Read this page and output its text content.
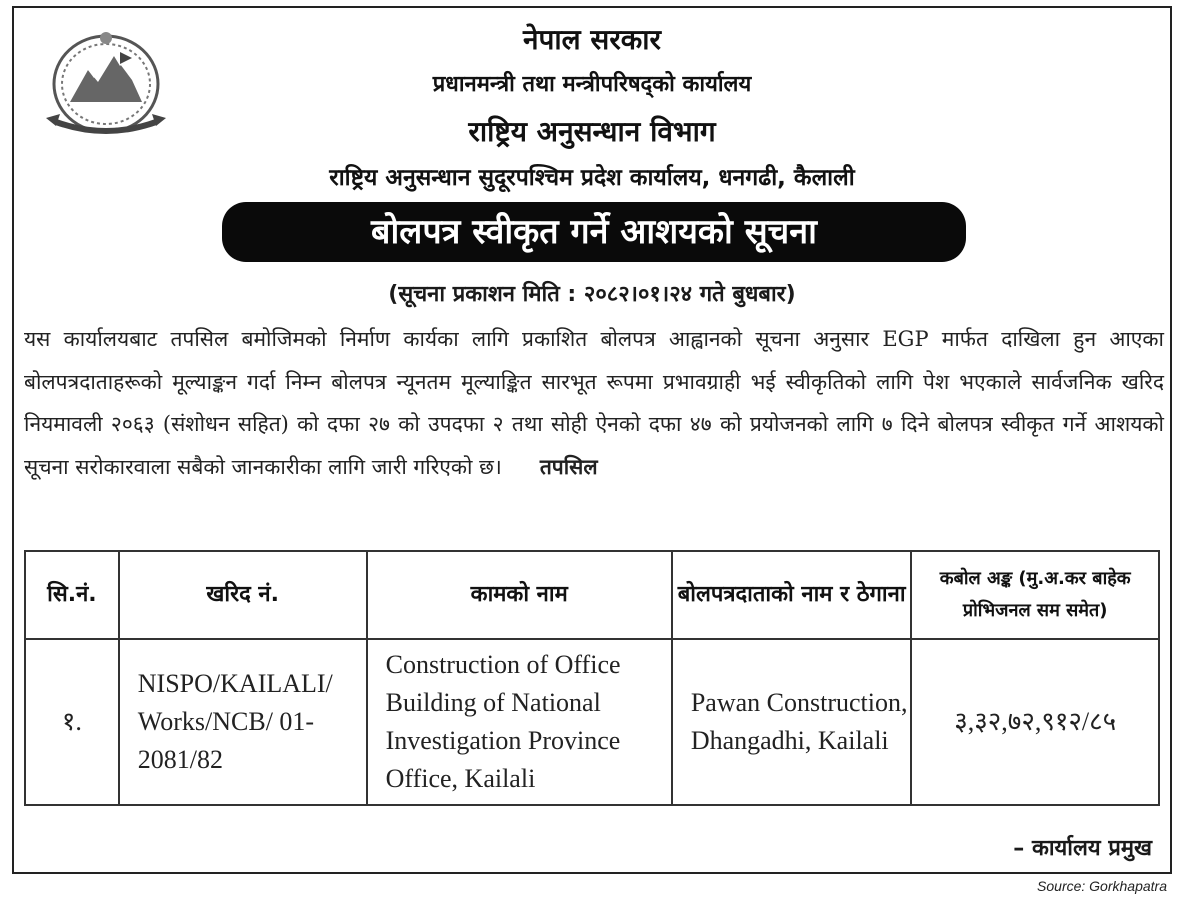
नेपाल सरकार
प्रधानमन्त्री तथा मन्त्रीपरिषद्को कार्यालय
राष्ट्रिय अनुसन्धान विभाग
राष्ट्रिय अनुसन्धान सुदूरपश्चिम प्रदेश कार्यालय, धनगढी, कैलाली
बोलपत्र स्वीकृत गर्ने आशयको सूचना
(सूचना प्रकाशन मिति : २०८२।०१।२४ गते बुधबार)
यस कार्यालयबाट तपसिल बमोजिमको निर्माण कार्यका लागि प्रकाशित बोलपत्र आह्वानको सूचना अनुसार EGP मार्फत दाखिला हुन आएका बोलपत्रदाताहरूको मूल्याङ्कन गर्दा निम्न बोलपत्र न्यूनतम मूल्याङ्कित सारभूत रूपमा प्रभावग्राही भई स्वीकृतिको लागि पेश भएकाले सार्वजनिक खरिद नियमावली २०६३ (संशोधन सहित) को दफा २७ को उपदफा २ तथा सोही ऐनको दफा ४७ को प्रयोजनको लागि ७ दिने बोलपत्र स्वीकृत गर्ने आशयको सूचना सरोकारवाला सबैको जानकारीका लागि जारी गरिएको छ। तपसिल
सि.नं.	खरिद नं.	कामको नाम	बोलपत्रदाताको नाम र ठेगाना	कबोल अङ्क (मु.अ.कर बाहेक प्रोभिजनल सम समेत)
१.	NISPO/KAILALI/ Works/NCB/ 01-2081/82	Construction of Office Building of National Investigation Province Office, Kailali	Pawan Construction, Dhangadhi, Kailali	३,३२,७२,९१२/८५
– कार्यालय प्रमुख
Source: Gorkhapatra
